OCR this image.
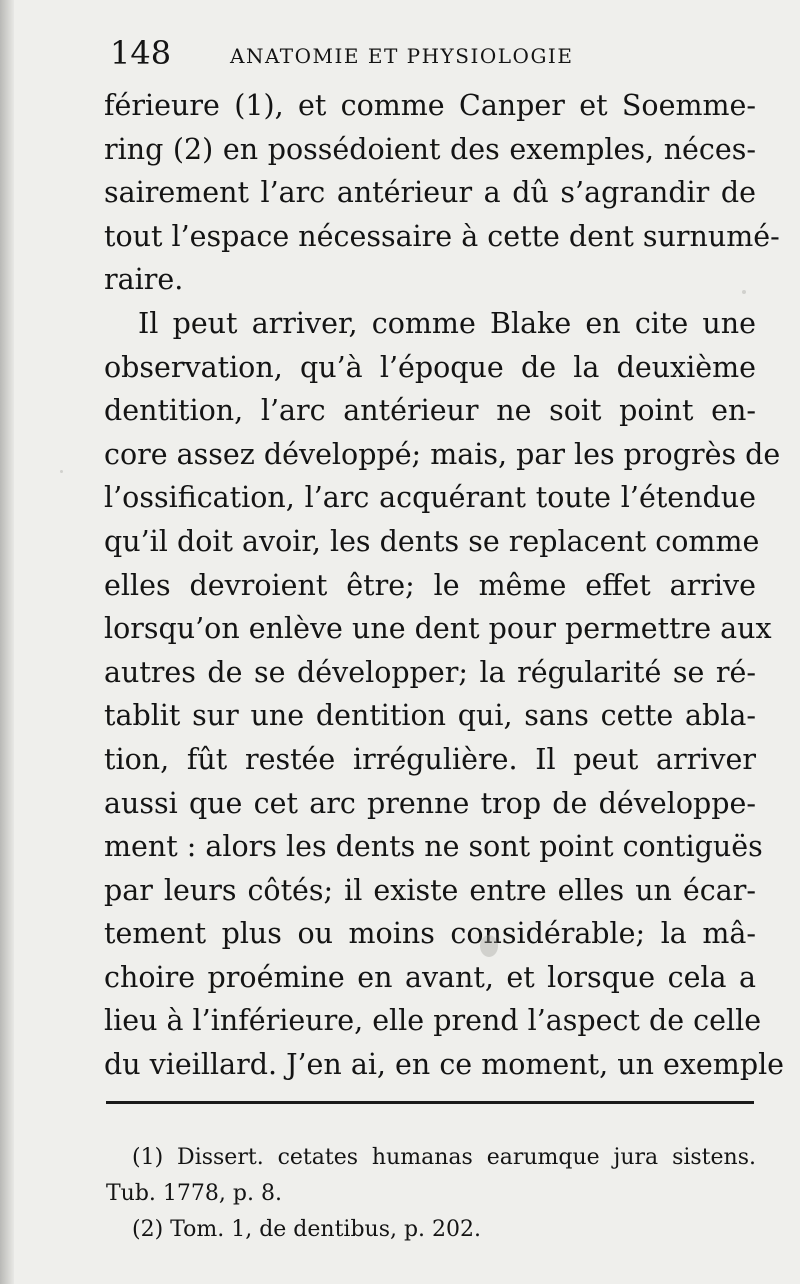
148	ANATOMIE ET PHYSIOLOGIE
férieure (1), et comme Canper et Soemme-
ring (2) en possédoient des exemples, néces-
sairement l’arc antérieur a dû s’agrandir de
tout l’espace nécessaire à cette dent surnumé-
raire.
Il peut arriver, comme Blake en cite une
observation, qu’à l’époque de la deuxième
dentition, l’arc antérieur ne soit point en-
core assez développé; mais, par les progrès de
l’ossification, l’arc acquérant toute l’étendue
qu’il doit avoir, les dents se replacent comme
elles devroient être; le même effet arrive
lorsqu’on enlève une dent pour permettre aux
autres de se développer; la régularité se ré-
tablit sur une dentition qui, sans cette abla-
tion, fût restée irrégulière. Il peut arriver
aussi que cet arc prenne trop de développe-
ment : alors les dents ne sont point contiguës
par leurs côtés; il existe entre elles un écar-
tement plus ou moins considérable; la mâ-
choire proémine en avant, et lorsque cela a
lieu à l’inférieure, elle prend l’aspect de celle
du vieillard. J’en ai, en ce moment, un exemple
(1) Dissert. cetates humanas earumque jura sistens.
Tub. 1778, p. 8.
(2) Tom. 1, de dentibus, p. 202.
